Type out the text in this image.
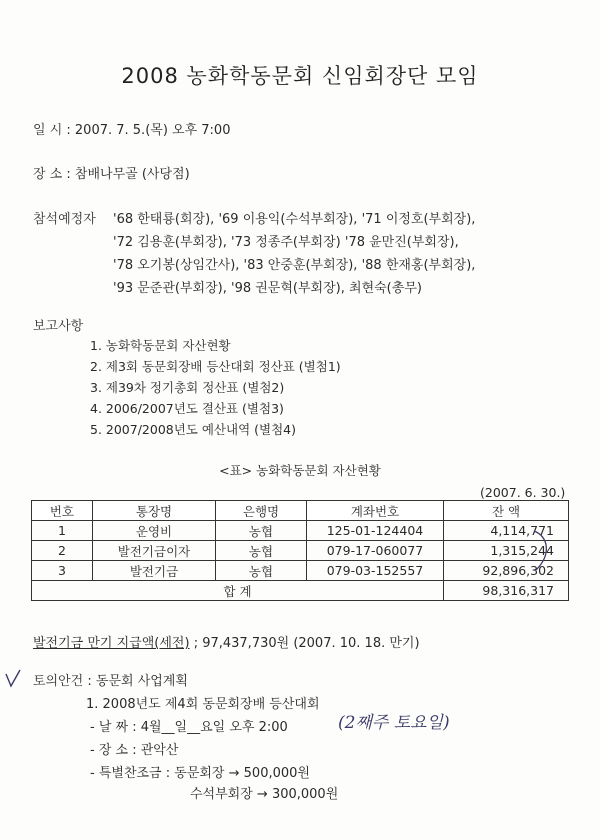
2008 농화학동문회 신임회장단 모임
일 시 : 2007. 7. 5.(목) 오후 7:00
장 소 : 참배나무골 (사당점)
참석예정자 '68 한태룡(회장), '69 이용익(수석부회장), '71 이정호(부회장),
'72 김용훈(부회장), '73 정종주(부회장) '78 윤만진(부회장),
'78 오기봉(상임간사), '83 안중훈(부회장), '88 한재홍(부회장),
'93 문준관(부회장), '98 권문혁(부회장), 최현숙(총무)
보고사항
1. 농화학동문회 자산현황
2. 제3회 동문회장배 등산대회 정산표 (별첨1)
3. 제39차 정기총회 정산표 (별첨2)
4. 2006/2007년도 결산표 (별첨3)
5. 2007/2008년도 예산내역 (별첨4)
<표> 농화학동문회 자산현황
(2007. 6. 30.)
번호	통장명	은행명	계좌번호	잔 액
1	운영비	농협	125-01-124404	4,114,771
2	발전기금이자	농협	079-17-060077	1,315,244
3	발전기금	농협	079-03-152557	92,896,302
합 계				98,316,317
발전기금 만기 지급액(세전) ; 97,437,730원 (2007. 10. 18. 만기)
토의안건 : 동문회 사업계획
1. 2008년도 제4회 동문회장배 등산대회
- 날 짜 : 4월__일__요일 오후 2:00	(2째주 토요일)
- 장 소 : 관악산
- 특별찬조금 : 동문회장 → 500,000원
수석부회장 → 300,000원
